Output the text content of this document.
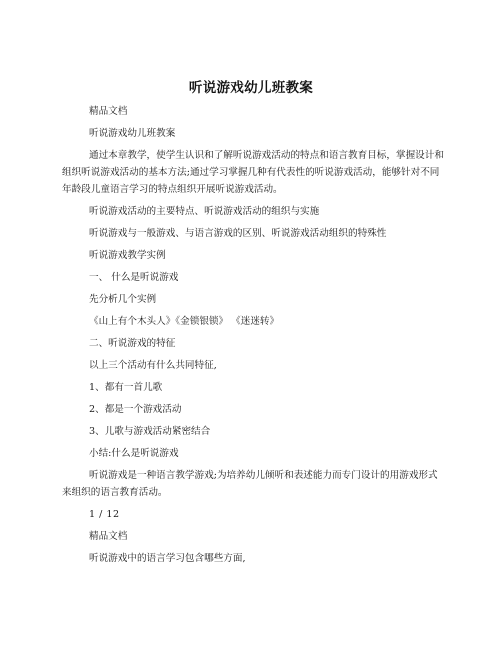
听说游戏幼儿班教案

精品文档

听说游戏幼儿班教案

通过本章教学，使学生认识和了解听说游戏活动的特点和语言教育目标，掌握设计和组织听说游戏活动的基本方法;通过学习掌握几种有代表性的听说游戏活动，能够针对不同年龄段儿童语言学习的特点组织开展听说游戏活动。

听说游戏活动的主要特点、听说游戏活动的组织与实施

听说游戏与一般游戏、与语言游戏的区别、听说游戏活动组织的特殊性

听说游戏教学实例

一、 什么是听说游戏

先分析几个实例

《山上有个木头人》《金锁银锁》 《迷迷转》

二、听说游戏的特征

以上三个活动有什么共同特征,

1、都有一首儿歌

2、都是一个游戏活动

3、儿歌与游戏活动紧密结合

小结:什么是听说游戏

听说游戏是一种语言教学游戏;为培养幼儿倾听和表述能力而专门设计的用游戏形式来组织的语言教育活动。

1 / 12

精品文档

听说游戏中的语言学习包含哪些方面,
